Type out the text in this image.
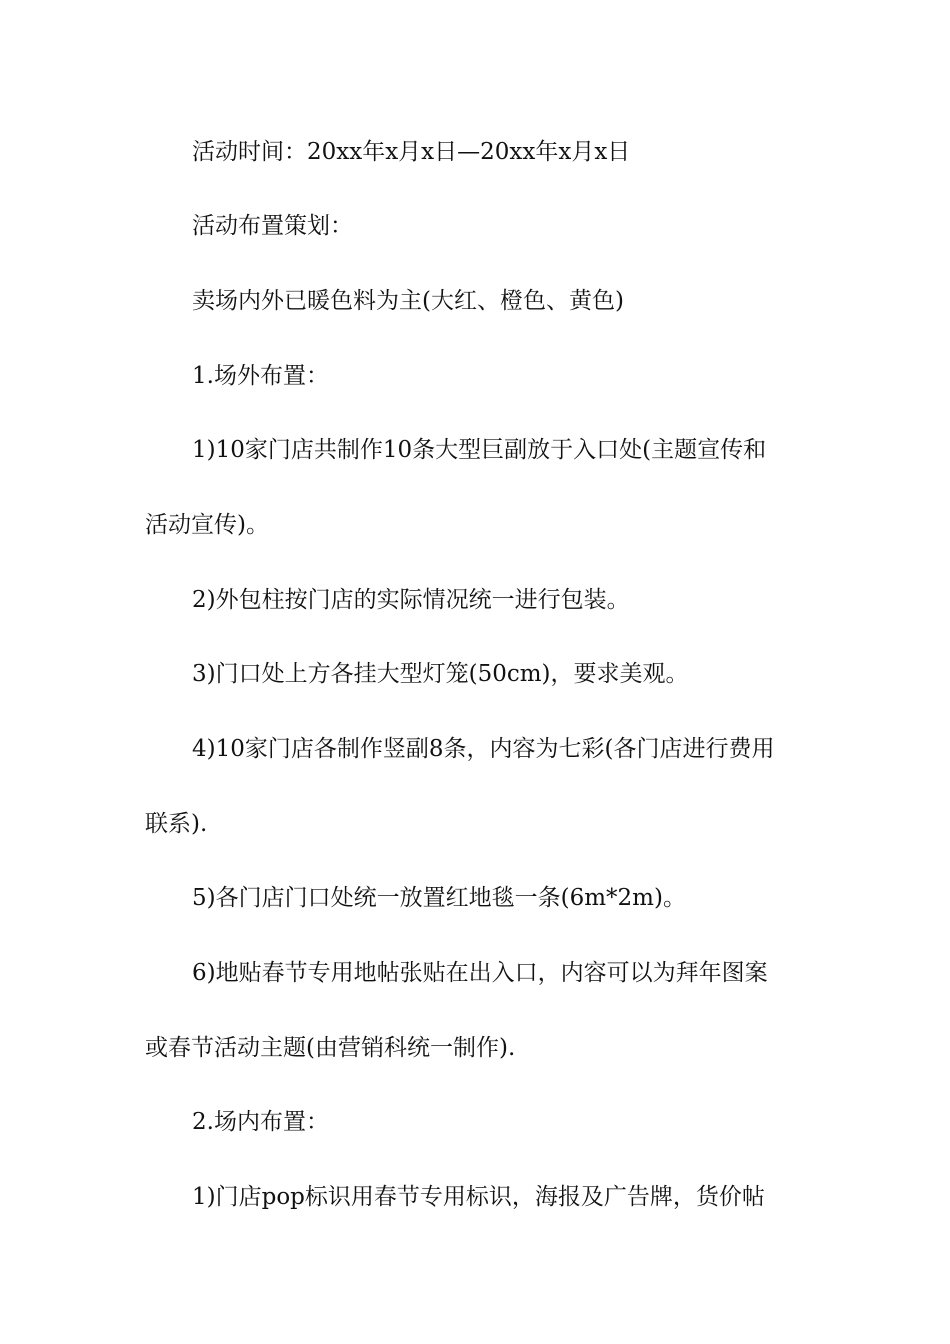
活动时间：20xx年x月x日—20xx年x月x日
活动布置策划：
卖场内外已暖色料为主(大红、橙色、黄色)
1.场外布置：
1)10家门店共制作10条大型巨副放于入口处(主题宣传和
活动宣传)。
2)外包柱按门店的实际情况统一进行包装。
3)门口处上方各挂大型灯笼(50cm)，要求美观。
4)10家门店各制作竖副8条，内容为七彩(各门店进行费用
联系).
5)各门店门口处统一放置红地毯一条(6m*2m)。
6)地贴春节专用地帖张贴在出入口，内容可以为拜年图案
或春节活动主题(由营销科统一制作).
2.场内布置：
1)门店pop标识用春节专用标识，海报及广告牌，货价帖
